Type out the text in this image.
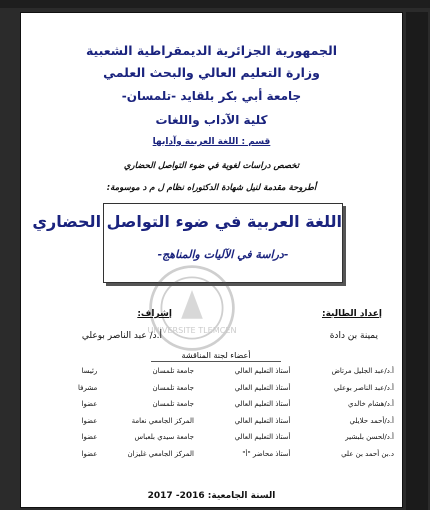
الجمهورية الجزائرية الديمقراطية الشعبية
وزارة التعليم العالي والبحث العلمي
جامعة أبي بكر بلقايد -تلمسان-
كلية الآداب واللغات
قسم : اللغة العربية وآدابها
تخصص دراسات لغوية في ضوء التواصل الحضاري
أطروحة مقدمة لنيل شهادة الدكتوراه نظام ل م د موسومة:
اللغة العربية في ضوء التواصل الحضاري
-دراسة في الآليات والمناهج-
UNIVERSITE TLEMCEN
إعداد الطالبة:
يمينة بن دادة
إشراف:
أ.د/ عبد الناصر بوعلي
أعضاء لجنة المناقشة
أ.د/عبد الجليل مرتاض	أستاذ التعليم العالي	جامعة تلمسان	رئيسا
أ.د/عبد الناصر بوعلي	أستاذ التعليم العالي	جامعة تلمسان	مشرفا
أ.د/هشام خالدي	أستاذ التعليم العالي	جامعة تلمسان	عضوا
أ.د/أحمد حلايلي	أستاذ التعليم العالي	المركز الجامعي نعامة	عضوا
أ.د/لحسن بلبشير	أستاذ التعليم العالي	جامعة سيدي بلعباس	عضوا
د.بن أحمد بن علي	أستاذ محاضر "أ"	المركز الجامعي غليزان	عضوا
السنة الجامعية: 2016- 2017
